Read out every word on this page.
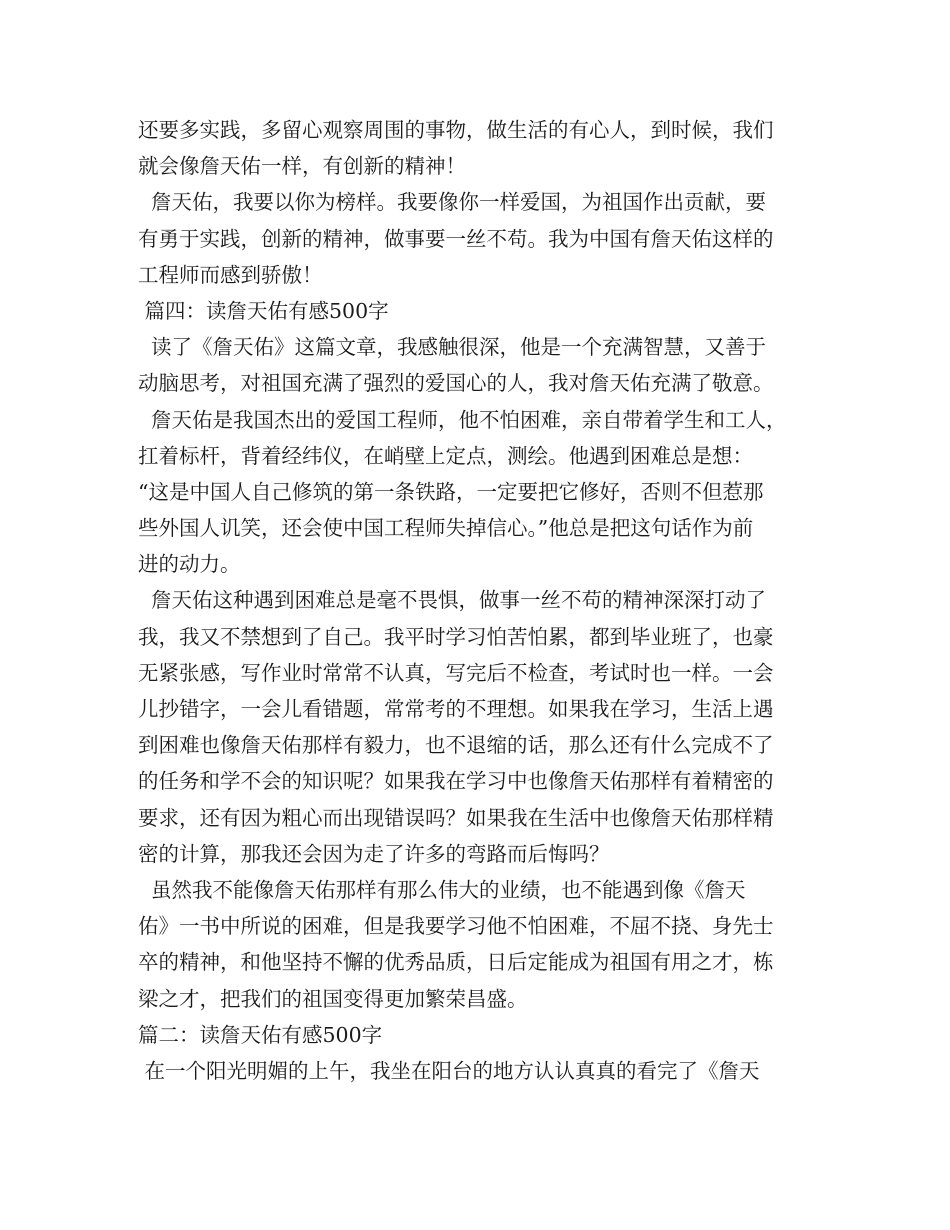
还要多实践，多留心观察周围的事物，做生活的有心人，到时候，我们
就会像詹天佑一样，有创新的精神！
詹天佑，我要以你为榜样。我要像你一样爱国，为祖国作出贡献，要
有勇于实践，创新的精神，做事要一丝不苟。我为中国有詹天佑这样的
工程师而感到骄傲！
篇四：读詹天佑有感500字
读了《詹天佑》这篇文章，我感触很深，他是一个充满智慧，又善于
动脑思考，对祖国充满了强烈的爱国心的人，我对詹天佑充满了敬意。
詹天佑是我国杰出的爱国工程师，他不怕困难，亲自带着学生和工人，
扛着标杆，背着经纬仪，在峭壁上定点，测绘。他遇到困难总是想：
“这是中国人自己修筑的第一条铁路，一定要把它修好，否则不但惹那
些外国人讥笑，还会使中国工程师失掉信心。”他总是把这句话作为前
进的动力。
詹天佑这种遇到困难总是毫不畏惧，做事一丝不苟的精神深深打动了
我，我又不禁想到了自己。我平时学习怕苦怕累，都到毕业班了，也豪
无紧张感，写作业时常常不认真，写完后不检查，考试时也一样。一会
儿抄错字，一会儿看错题，常常考的不理想。如果我在学习，生活上遇
到困难也像詹天佑那样有毅力，也不退缩的话，那么还有什么完成不了
的任务和学不会的知识呢？如果我在学习中也像詹天佑那样有着精密的
要求，还有因为粗心而出现错误吗？如果我在生活中也像詹天佑那样精
密的计算，那我还会因为走了许多的弯路而后悔吗？
虽然我不能像詹天佑那样有那么伟大的业绩，也不能遇到像《詹天
佑》一书中所说的困难，但是我要学习他不怕困难，不屈不挠、身先士
卒的精神，和他坚持不懈的优秀品质，日后定能成为祖国有用之才，栋
梁之才，把我们的祖国变得更加繁荣昌盛。
篇二：读詹天佑有感500字
在一个阳光明媚的上午，我坐在阳台的地方认认真真的看完了《詹天
